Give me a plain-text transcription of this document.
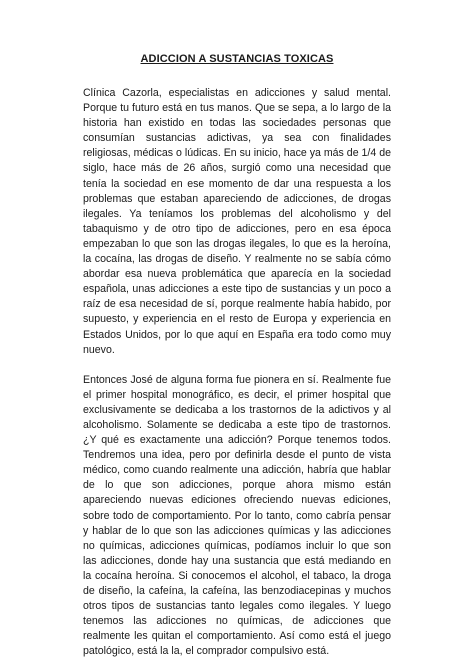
ADICCION A SUSTANCIAS TOXICAS

Clínica Cazorla, especialistas en adicciones y salud mental. Porque tu futuro está en tus manos. Que se sepa, a lo largo de la historia han existido en todas las sociedades personas que consumían sustancias adictivas, ya sea con finalidades religiosas, médicas o lúdicas. En su inicio, hace ya más de 1/4 de siglo, hace más de 26 años, surgió como una necesidad que tenía la sociedad en ese momento de dar una respuesta a los problemas que estaban apareciendo de adicciones, de drogas ilegales. Ya teníamos los problemas del alcoholismo y del tabaquismo y de otro tipo de adicciones, pero en esa época empezaban lo que son las drogas ilegales, lo que es la heroína, la cocaína, las drogas de diseño. Y realmente no se sabía cómo abordar esa nueva problemática que aparecía en la sociedad española, unas adicciones a este tipo de sustancias y un poco a raíz de esa necesidad de sí, porque realmente había habido, por supuesto, y experiencia en el resto de Europa y experiencia en Estados Unidos, por lo que aquí en España era todo como muy nuevo.

Entonces José de alguna forma fue pionera en sí. Realmente fue el primer hospital monográfico, es decir, el primer hospital que exclusivamente se dedicaba a los trastornos de la adictivos y al alcoholismo. Solamente se dedicaba a este tipo de trastornos. ¿Y qué es exactamente una adicción? Porque tenemos todos. Tendremos una idea, pero por definirla desde el punto de vista médico, como cuando realmente una adicción, habría que hablar de lo que son adicciones, porque ahora mismo están apareciendo nuevas ediciones ofreciendo nuevas ediciones, sobre todo de comportamiento. Por lo tanto, como cabría pensar y hablar de lo que son las adicciones químicas y las adicciones no químicas, adicciones químicas, podíamos incluir lo que son las adicciones, donde hay una sustancia que está mediando en la cocaína heroína. Si conocemos el alcohol, el tabaco, la droga de diseño, la cafeína, la cafeína, las benzodiacepinas y muchos otros tipos de sustancias tanto legales como ilegales. Y luego tenemos las adicciones no químicas, de adicciones que realmente les quitan el comportamiento. Así como está el juego patológico, está la la, el comprador compulsivo está.
